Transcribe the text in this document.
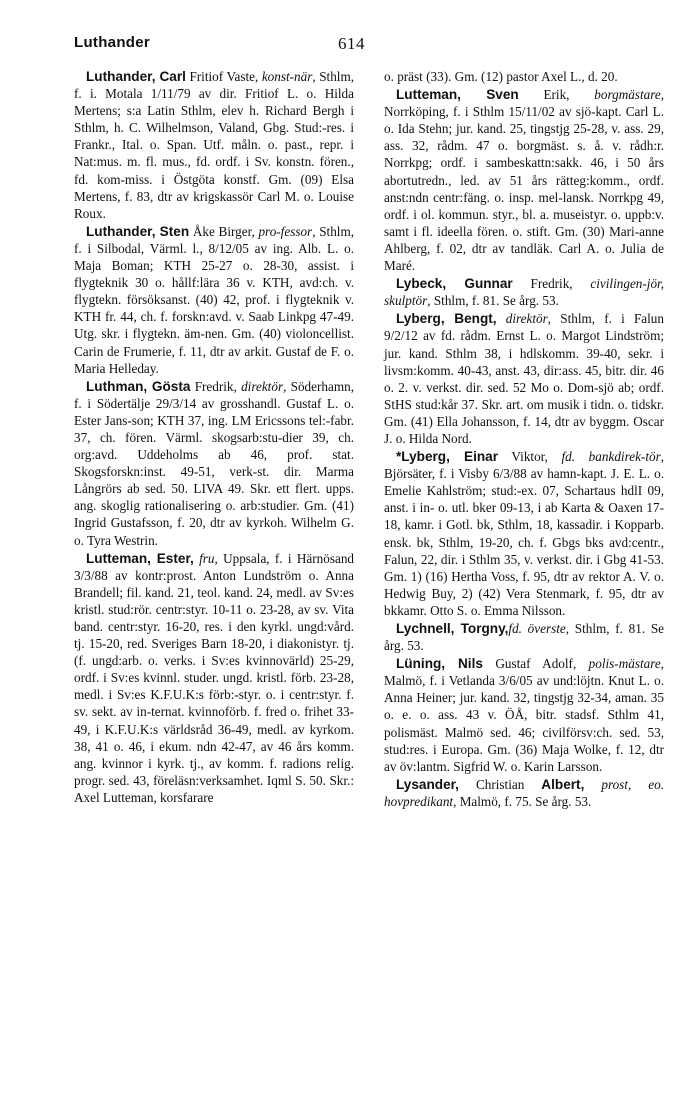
Luthander	614

Luthander, Carl Fritiof Vaste, konst-när, Sthlm, f. i. Motala 1/11/79 av dir. Fritiof L. o. Hilda Mertens; s:a Latin Sthlm, elev h. Richard Bergh i Sthlm, h. C. Wilhelmson, Valand, Gbg. Stud:-res. i Frankr., Ital. o. Span. Utf. måln. o. past., repr. i Nat:mus. m. fl. mus., fd. ordf. i Sv. konstn. fören., fd. kom-miss. i Östgöta konstf. Gm. (09) Elsa Mertens, f. 83, dtr av krigskassör Carl M. o. Louise Roux.

Luthander, Sten Åke Birger, pro-fessor, Sthlm, f. i Silbodal, Värml. l., 8/12/05 av ing. Alb. L. o. Maja Boman; KTH 25-27 o. 28-30, assist. i flygteknik 30 o. hållf:lära 36 v. KTH, avd:ch. v. flygtekn. försöksanst. (40) 42, prof. i flygteknik v. KTH fr. 44, ch. f. forskn:avd. v. Saab Linkpg 47-49. Utg. skr. i flygtekn. äm-nen. Gm. (40) violoncellist. Carin de Frumerie, f. 11, dtr av arkit. Gustaf de F. o. Maria Helleday.

Luthman, Gösta Fredrik, direktör, Söderhamn, f. i Södertälje 29/3/14 av grosshandl. Gustaf L. o. Ester Jans-son; KTH 37, ing. LM Ericssons tel:-fabr. 37, ch. fören. Värml. skogsarb:stu-dier 39, ch. org:avd. Uddeholms ab 46, prof. stat. Skogsforskn:inst. 49-51, verk-st. dir. Marma Långrörs ab sed. 50. LIVA 49. Skr. ett flert. upps. ang. skoglig rationalisering o. arb:studier. Gm. (41) Ingrid Gustafsson, f. 20, dtr av kyrkoh. Wilhelm G. o. Tyra Westrin.

Lutteman, Ester, fru, Uppsala, f. i Härnösand 3/3/88 av kontr:prost. Anton Lundström o. Anna Brandell; fil. kand. 21, teol. kand. 24, medl. av Sv:es kristl. stud:rör. centr:styr. 10-11 o. 23-28, av sv. Vita band. centr:styr. 16-20, res. i den kyrkl. ungd:vård. tj. 15-20, red. Sveriges Barn 18-20, i diakonistyr. tj. (f. ungd:arb. o. verks. i Sv:es kvinnovärld) 25-29, ordf. i Sv:es kvinnl. studer. ungd. kristl. förb. 23-28, medl. i Sv:es K.F.U.K:s förb:-styr. o. i centr:styr. f. sv. sekt. av in-ternat. kvinnoförb. f. fred o. frihet 33-49, i K.F.U.K:s världsråd 36-49, medl. av kyrkom. 38, 41 o. 46, i ekum. ndn 42-47, av 46 års komm. ang. kvinnor i kyrk. tj., av komm. f. radions relig. progr. sed. 43, föreläsn:verksamhet. Iqml S. 50. Skr.: Axel Lutteman, korsfarare

o. präst (33). Gm. (12) pastor Axel L., d. 20.

Lutteman, Sven Erik, borgmästare, Norrköping, f. i Sthlm 15/11/02 av sjö-kapt. Carl L. o. Ida Stehn; jur. kand. 25, tingstjg 25-28, v. ass. 29, ass. 32, rådm. 47 o. borgmäst. s. å. v. rådh:r. Norrkpg; ordf. i sambeskattn:sakk. 46, i 50 års abortutredn., led. av 51 års rätteg:komm., ordf. anst:ndn centr:fäng. o. insp. mel-lansk. Norrkpg 49, ordf. i ol. kommun. styr., bl. a. museistyr. o. uppb:v. samt i fl. ideella fören. o. stift. Gm. (30) Mari-anne Ahlberg, f. 02, dtr av tandläk. Carl A. o. Julia de Maré.

Lybeck, Gunnar Fredrik, civilingen-jör, skulptör, Sthlm, f. 81. Se årg. 53.

Lyberg, Bengt, direktör, Sthlm, f. i Falun 9/2/12 av fd. rådm. Ernst L. o. Margot Lindström; jur. kand. Sthlm 38, i hdlskomm. 39-40, sekr. i livsm:komm. 40-43, anst. 43, dir:ass. 45, bitr. dir. 46 o. 2. v. verkst. dir. sed. 52 Mo o. Dom-sjö ab; ordf. StHS stud:kår 37. Skr. art. om musik i tidn. o. tidskr. Gm. (41) Ella Johansson, f. 14, dtr av byggm. Oscar J. o. Hilda Nord.

*Lyberg, Einar Viktor, fd. bankdirek-tör, Björsäter, f. i Visby 6/3/88 av hamn-kapt. J. E. L. o. Emelie Kahlström; stud:-ex. 07, Schartaus hdlI 09, anst. i in- o. utl. bker 09-13, i ab Karta & Oaxen 17-18, kamr. i Gotl. bk, Sthlm, 18, kassadir. i Kopparb. ensk. bk, Sthlm, 19-20, ch. f. Gbgs bks avd:centr., Falun, 22, dir. i Sthlm 35, v. verkst. dir. i Gbg 41-53. Gm. 1) (16) Hertha Voss, f. 95, dtr av rektor A. V. o. Hedwig Buy, 2) (42) Vera Stenmark, f. 95, dtr av bkkamr. Otto S. o. Emma Nilsson.

Lychnell, Torgny,fd. överste, Sthlm, f. 81. Se årg. 53.

Lüning, Nils Gustaf Adolf, polis-mästare, Malmö, f. i Vetlanda 3/6/05 av und:löjtn. Knut L. o. Anna Heiner; jur. kand. 32, tingstjg 32-34, aman. 35 o. e. o. ass. 43 v. ÖÅ, bitr. stadsf. Sthlm 41, polismäst. Malmö sed. 46; civilförsv:ch. sed. 53, stud:res. i Europa. Gm. (36) Maja Wolke, f. 12, dtr av öv:lantm. Sigfrid W. o. Karin Larsson.

Lysander, Christian Albert, prost, eo. hovpredikant, Malmö, f. 75. Se årg. 53.
